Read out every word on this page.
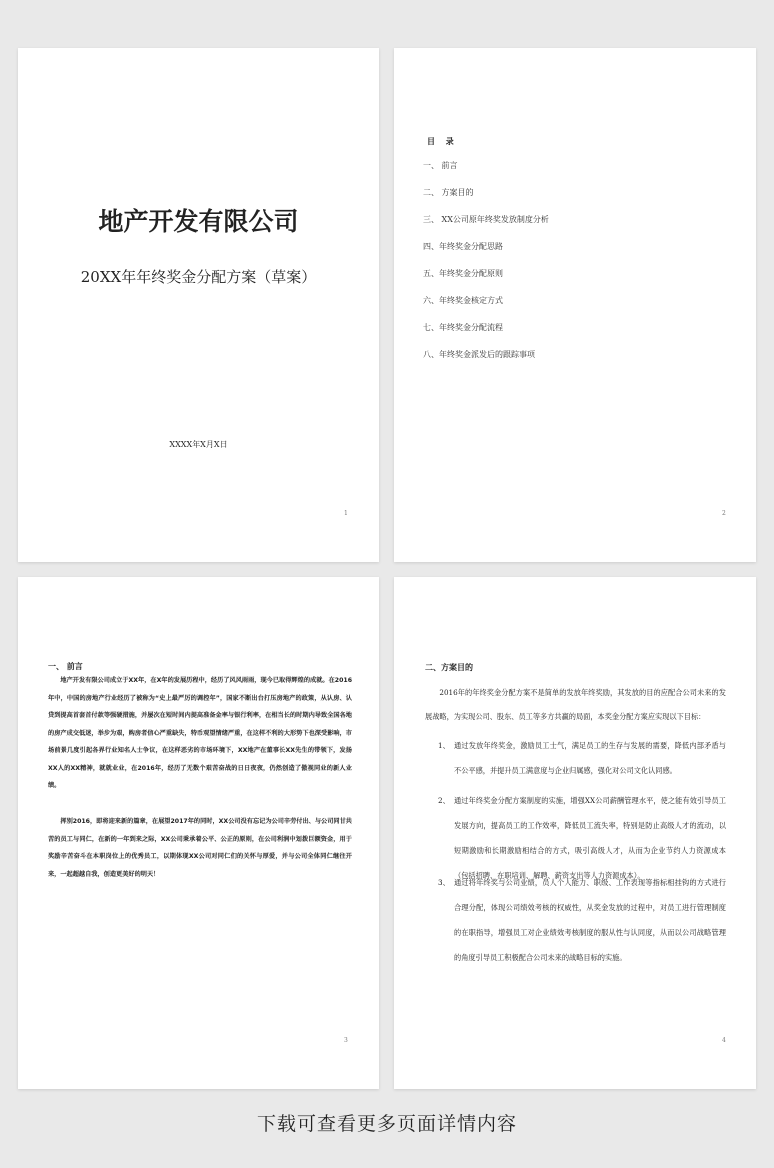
地产开发有限公司
20XX年年终奖金分配方案（草案）
XXXX年X月X日
1
目 录
一、 前言
二、 方案目的
三、 XX公司原年终奖发放制度分析
四、年终奖金分配思路
五、年终奖金分配原则
六、年终奖金核定方式
七、年终奖金分配流程
八、年终奖金派发后的跟踪事项
2
一、 前言

地产开发有限公司成立于XX年，在X年的发展历程中，经历了风风雨雨，现今已取得辉煌的成就。在2016年中，中国的房地产行业经历了被称为“史上最严厉的调控年”，国家不断出台打压房地产的政策，从认房、认贷到提高首套首付款等强硬措施，并屡次在短时间内提高准备金率与银行利率，在相当长的时期内导致全国各地的房产成交低迷，举步为艰，购房者信心严重缺失，特币观望情绪严重，在这样不利的大形势下也深受影响，市场前景几度引起各界行业知名人士争议，在这样恶劣的市场环境下，XX地产在董事长XX先生的带领下，发扬XX人的XX精神，就就业业，在2016年，经历了无数个艰苦奋战的日日夜夜，仍然创造了傲视同业的新人业绩。

挥别2016，即将迎来新的篇章，在展望2017年的同时，XX公司没有忘记为公司辛劳付出、与公司同甘共苦的员工与同仁，在新的一年到来之际，XX公司秉承着公平、公正的原则，在公司利润中划拨巨额资金，用于奖励辛苦奋斗在本职岗位上的优秀员工，以期体现XX公司对同仁们的关怀与厚爱，并与公司全体同仁继往开来，一起超越自我，创造更美好的明天！

3
二、方案目的

2016年的年终奖金分配方案不是简单的发放年终奖励，其发放的目的应配合公司未来的发展战略，为实现公司、股东、员工等多方共赢的局面，本奖金分配方案应实现以下目标：

1、 通过发放年终奖金，激励员工士气，满足员工的生存与发展的需要，降低内部矛盾与不公平感，并提升员工满意度与企业归属感，强化对公司文化认同感。
2、 通过年终奖金分配方案制度的实施，增强XX公司薪酬管理水平，使之能有效引导员工发展方向，提高员工的工作效率，降低员工流失率，特别是防止高级人才的流动，以短期激励和长期激励相结合的方式，吸引高级人才，从而为企业节约人力资源成本（包括招聘、在职培训、解聘、薪资支出等人力资源成本）。
3、 通过将年终奖与公司业绩，员人个人能力、职级、工作表现等指标相挂钩的方式进行合理分配，体现公司绩效考核的权威性，从奖金发放的过程中，对员工进行管理制度的在职指导，增强员工对企业绩效考核制度的服从性与认同度，从而以公司战略管理的角度引导员工积极配合公司未来的战略目标的实施。
4
下载可查看更多页面详情内容
